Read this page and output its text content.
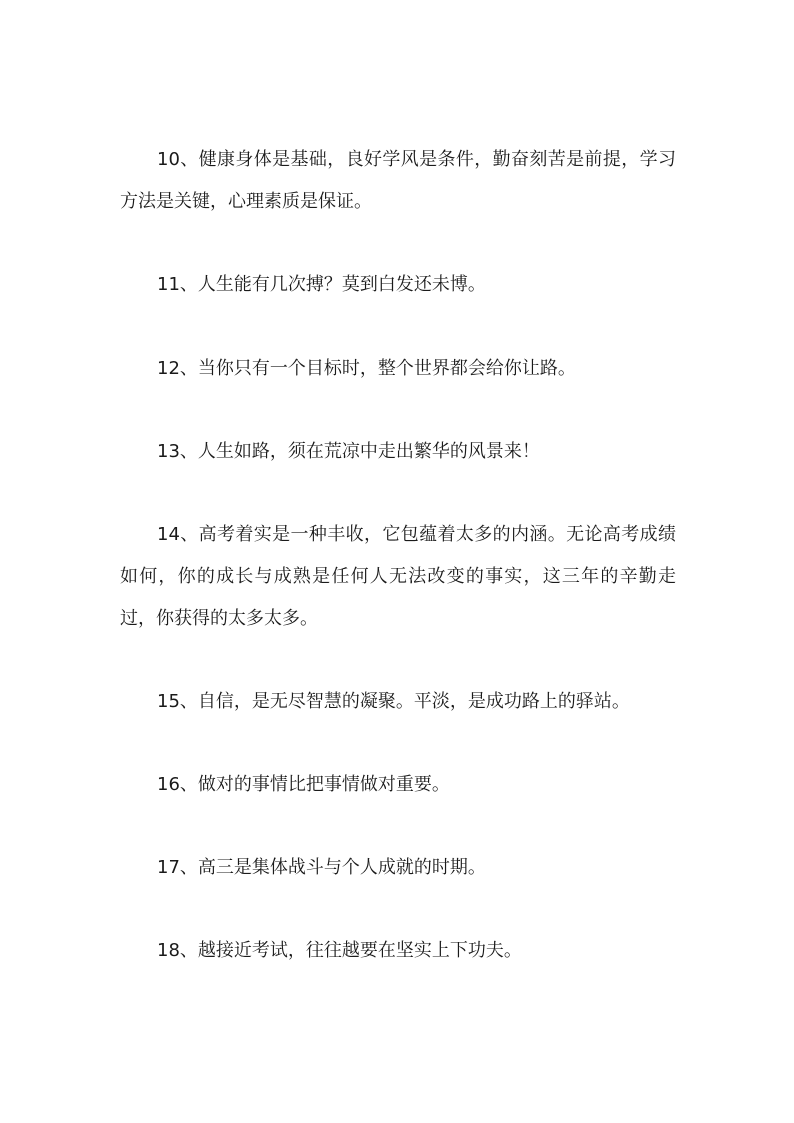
10、健康身体是基础，良好学风是条件，勤奋刻苦是前提，学习方法是关键，心理素质是保证。

11、人生能有几次搏？莫到白发还未博。

12、当你只有一个目标时，整个世界都会给你让路。

13、人生如路，须在荒凉中走出繁华的风景来！

14、高考着实是一种丰收，它包蕴着太多的内涵。无论高考成绩如何，你的成长与成熟是任何人无法改变的事实，这三年的辛勤走过，你获得的太多太多。

15、自信，是无尽智慧的凝聚。平淡，是成功路上的驿站。

16、做对的事情比把事情做对重要。

17、高三是集体战斗与个人成就的时期。

18、越接近考试，往往越要在坚实上下功夫。
